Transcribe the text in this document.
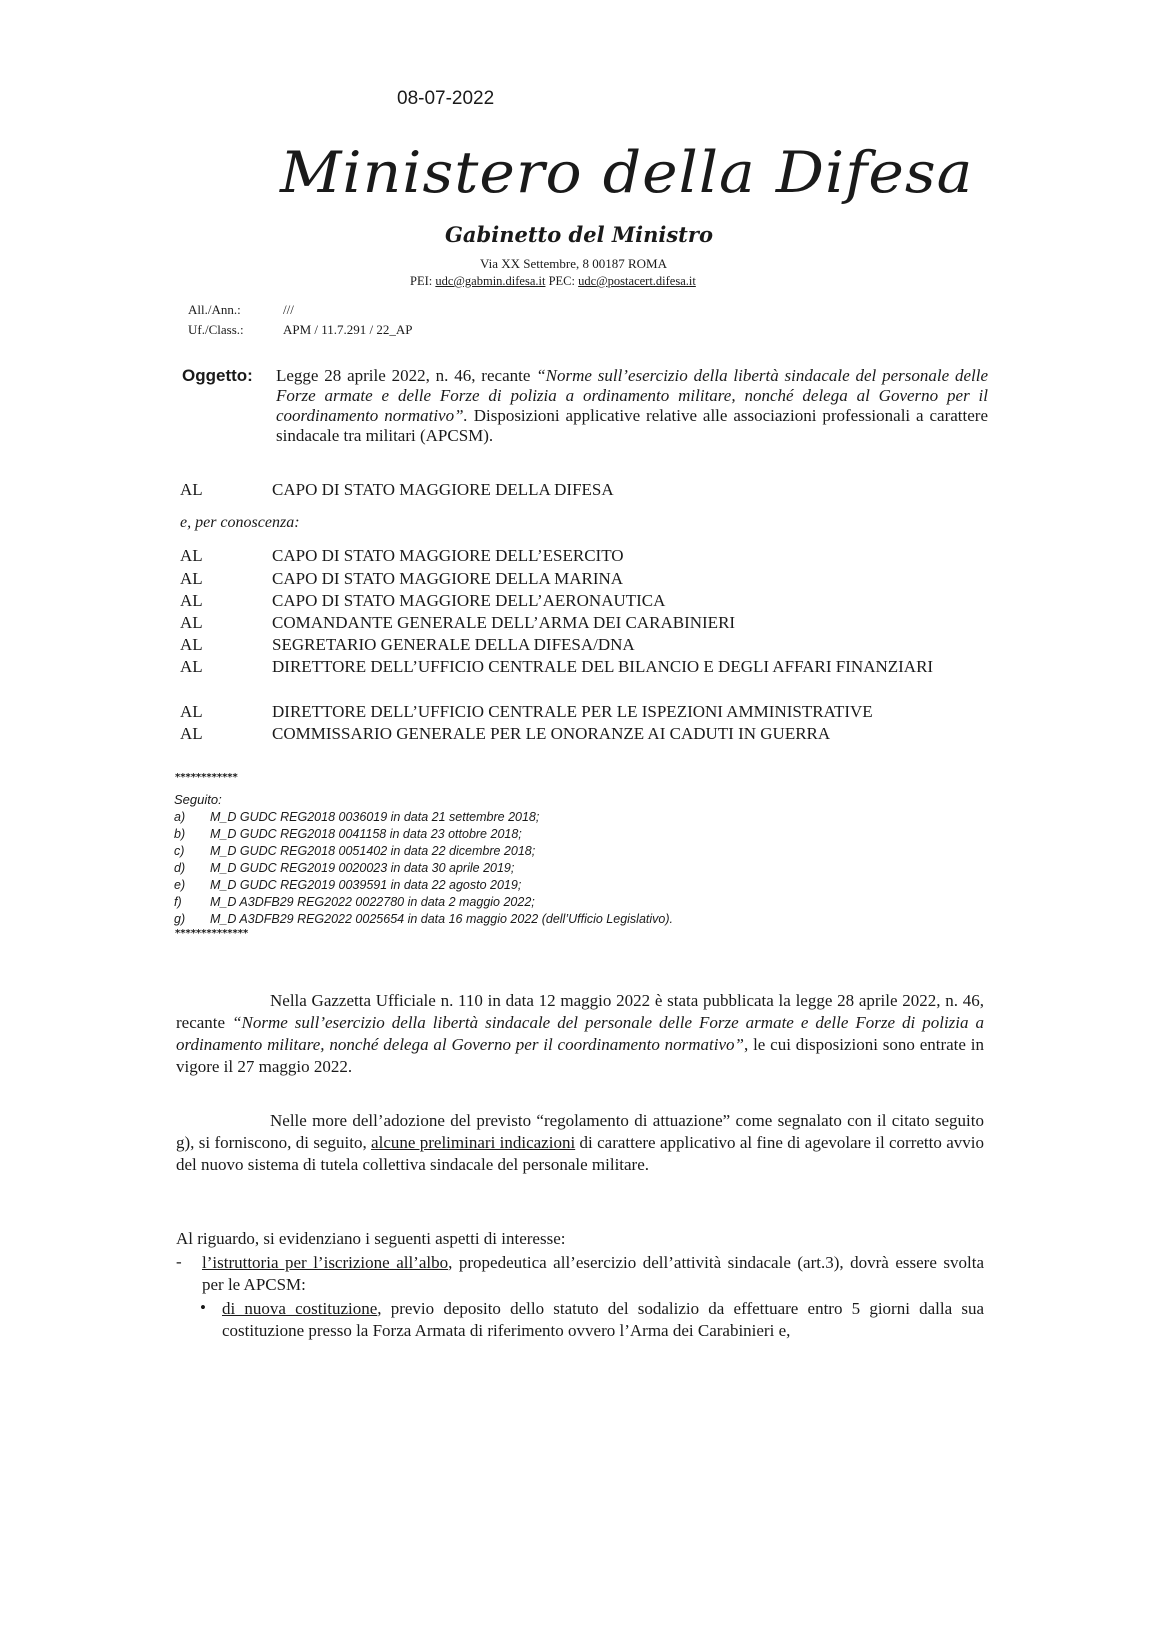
08-07-2022
Ministero della Difesa
Gabinetto del Ministro
Via XX Settembre, 8 00187 ROMA
PEI: udc@gabmin.difesa.it PEC: udc@postacert.difesa.it
All./Ann.:	///
Uf./Class.:	APM / 11.7.291 / 22_AP
Oggetto: Legge 28 aprile 2022, n. 46, recante “Norme sull’esercizio della libertà sindacale del personale delle Forze armate e delle Forze di polizia a ordinamento militare, nonché delega al Governo per il coordinamento normativo”. Disposizioni applicative relative alle associazioni professionali a carattere sindacale tra militari (APCSM).
AL	CAPO DI STATO MAGGIORE DELLA DIFESA
e, per conoscenza:
AL	CAPO DI STATO MAGGIORE DELL’ESERCITO
AL	CAPO DI STATO MAGGIORE DELLA MARINA
AL	CAPO DI STATO MAGGIORE DELL’AERONAUTICA
AL	COMANDANTE GENERALE DELL’ARMA DEI CARABINIERI
AL	SEGRETARIO GENERALE DELLA DIFESA/DNA
AL	DIRETTORE DELL’UFFICIO CENTRALE DEL BILANCIO E DEGLI AFFARI FINANZIARI
AL	DIRETTORE DELL’UFFICIO CENTRALE PER LE ISPEZIONI AMMINISTRATIVE
AL	COMMISSARIO GENERALE PER LE ONORANZE AI CADUTI IN GUERRA
************
Seguito:
a) M_D GUDC REG2018 0036019 in data 21 settembre 2018;
b) M_D GUDC REG2018 0041158 in data 23 ottobre 2018;
c) M_D GUDC REG2018 0051402 in data 22 dicembre 2018;
d) M_D GUDC REG2019 0020023 in data 30 aprile 2019;
e) M_D GUDC REG2019 0039591 in data 22 agosto 2019;
f) M_D A3DFB29 REG2022 0022780 in data 2 maggio 2022;
g) M_D A3DFB29 REG2022 0025654 in data 16 maggio 2022 (dell’Ufficio Legislativo).
**************
Nella Gazzetta Ufficiale n. 110 in data 12 maggio 2022 è stata pubblicata la legge 28 aprile 2022, n. 46, recante “Norme sull’esercizio della libertà sindacale del personale delle Forze armate e delle Forze di polizia a ordinamento militare, nonché delega al Governo per il coordinamento normativo”, le cui disposizioni sono entrate in vigore il 27 maggio 2022.
Nelle more dell’adozione del previsto “regolamento di attuazione” come segnalato con il citato seguito g), si forniscono, di seguito, alcune preliminari indicazioni di carattere applicativo al fine di agevolare il corretto avvio del nuovo sistema di tutela collettiva sindacale del personale militare.
Al riguardo, si evidenziano i seguenti aspetti di interesse:
- l’istruttoria per l’iscrizione all’albo, propedeutica all’esercizio dell’attività sindacale (art.3), dovrà essere svolta per le APCSM:
• di nuova costituzione, previo deposito dello statuto del sodalizio da effettuare entro 5 giorni dalla sua costituzione presso la Forza Armata di riferimento ovvero l’Arma dei Carabinieri e,
